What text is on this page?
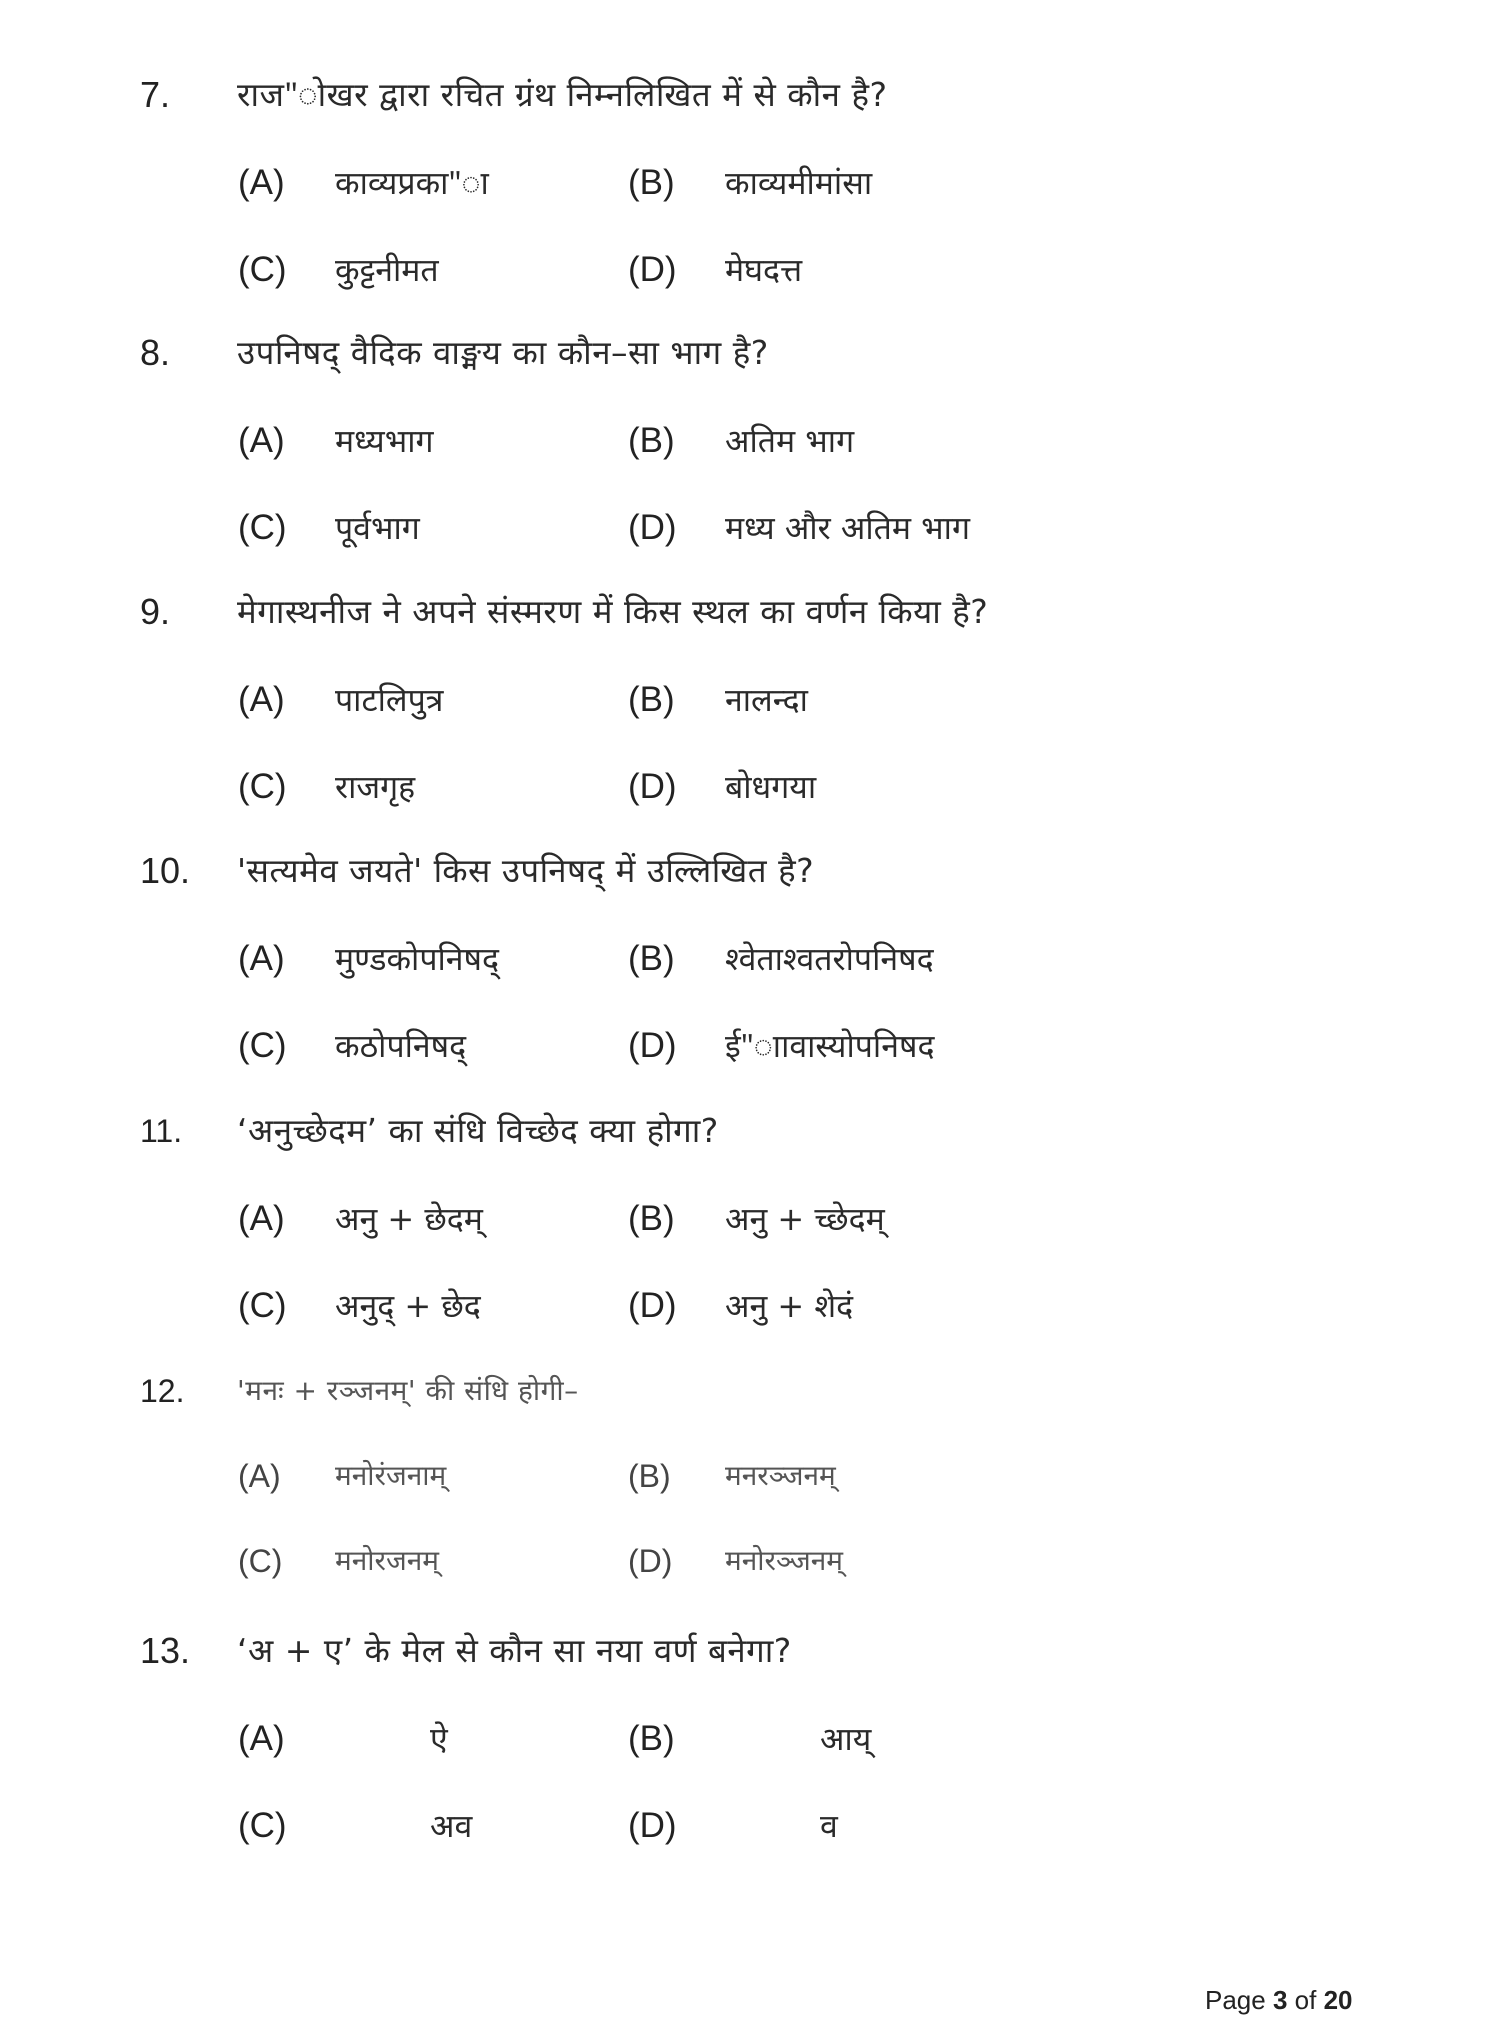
7. राज"ोखर द्वारा रचित ग्रंथ निम्नलिखित में से कौन है?
(A) काव्यप्रका"ा	(B) काव्यमीमांसा
(C) कुट्टनीमत	(D) मेघदत्त
8. उपनिषद् वैदिक वाङ्मय का कौन–सा भाग है?
(A) मध्यभाग	(B) अतिम भाग
(C) पूर्वभाग	(D) मध्य और अतिम भाग
9. मेगास्थनीज ने अपने संस्मरण में किस स्थल का वर्णन किया है?
(A) पाटलिपुत्र	(B) नालन्दा
(C) राजगृह	(D) बोधगया
10. 'सत्यमेव जयते' किस उपनिषद् में उल्लिखित है?
(A) मुण्डकोपनिषद्	(B) श्वेताश्वतरोपनिषद
(C) कठोपनिषद्	(D) ई"ाावास्योपनिषद
11. ‘अनुच्छेदम’ का संधि विच्छेद क्या होगा?
(A) अनु + छेदम्	(B) अनु + च्छेदम्
(C) अनुद् + छेद	(D) अनु + शेदं
12. 'मनः + रञ्जनम्' की संधि होगी–
(A) मनोरंजनाम्	(B) मनरञ्जनम्
(C) मनोरजनम्	(D) मनोरञ्जनम्
13. ‘अ + ए’ के मेल से कौन सा नया वर्ण बनेगा?
(A)	ऐ	(B)	आय्
(C)	अव	(D)	व
Page 3 of 20
